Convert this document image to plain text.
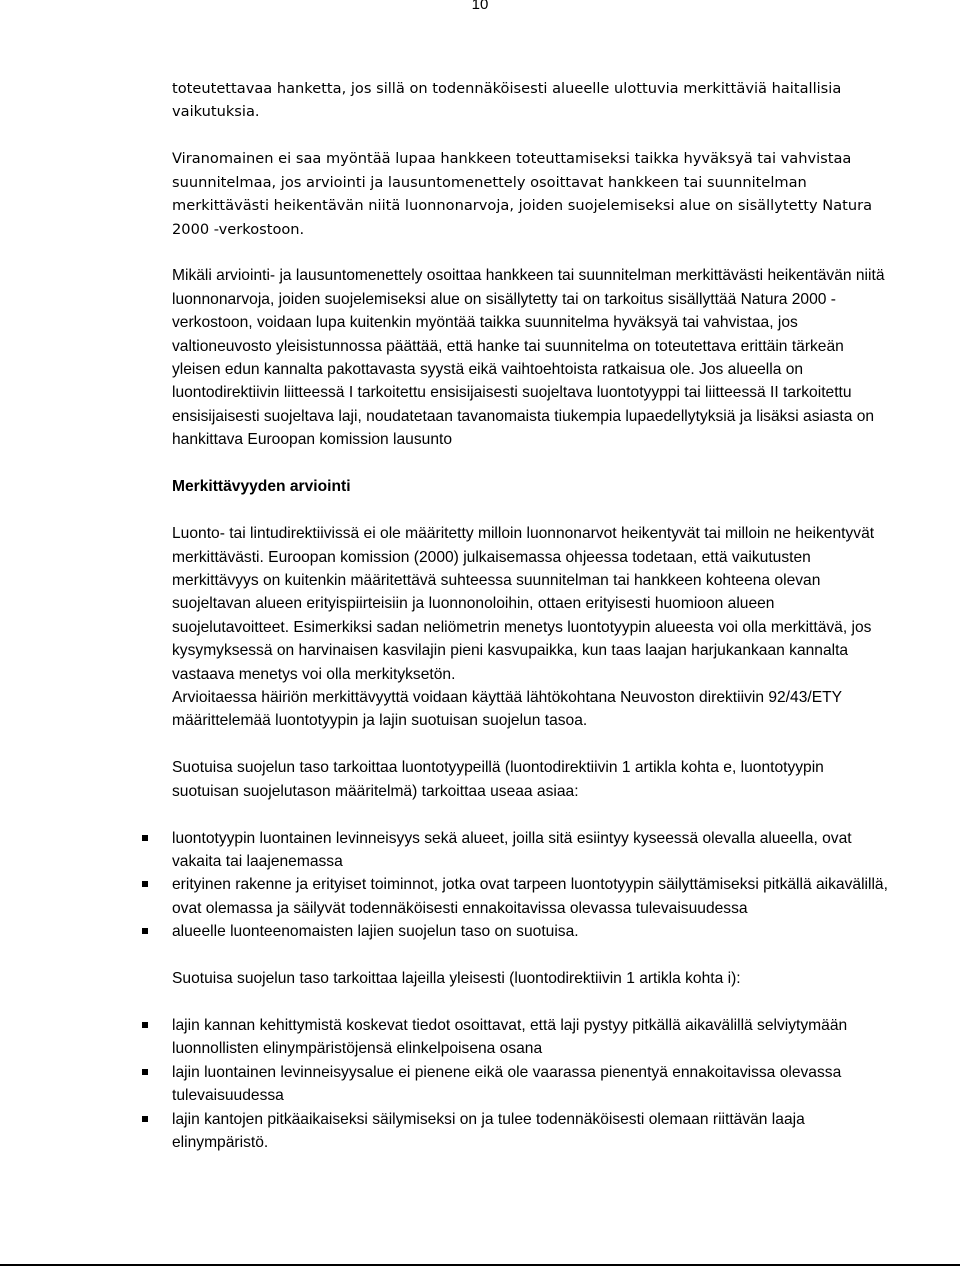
10

toteutettavaa hanketta, jos sillä on todennäköisesti alueelle ulottuvia merkittäviä haitallisia vaikutuksia.

Viranomainen ei saa myöntää lupaa hankkeen toteuttamiseksi taikka hyväksyä tai vahvistaa suunnitelmaa, jos arviointi ja lausuntomenettely osoittavat hankkeen tai suunnitelman merkittävästi heikentävän niitä luonnonarvoja, joiden suojelemiseksi alue on sisällytetty Natura 2000 -verkostoon.

Mikäli arviointi- ja lausuntomenettely osoittaa hankkeen tai suunnitelman merkittävästi heikentävän niitä luonnonarvoja, joiden suojelemiseksi alue on sisällytetty tai on tarkoitus sisällyttää Natura 2000 -verkostoon, voidaan lupa kuitenkin myöntää taikka suunnitelma hyväksyä tai vahvistaa, jos valtioneuvosto yleisistunnossa päättää, että hanke tai suunnitelma on toteutettava erittäin tärkeän yleisen edun kannalta pakottavasta syystä eikä vaihtoehtoista ratkaisua ole. Jos alueella on luontodirektiivin liitteessä I tarkoitettu ensisijaisesti suojeltava luontotyyppi tai liitteessä II tarkoitettu ensisijaisesti suojeltava laji, noudatetaan tavanomaista tiukempia lupaedellytyksiä ja lisäksi asiasta on hankittava Euroopan komission lausunto

Merkittävyyden arviointi

Luonto- tai lintudirektiivissä ei ole määritetty milloin luonnonarvot heikentyvät tai milloin ne heikentyvät merkittävästi. Euroopan komission (2000) julkaisemassa ohjeessa todetaan, että vaikutusten merkittävyys on kuitenkin määritettävä suhteessa suunnitelman tai hankkeen kohteena olevan suojeltavan alueen erityispiirteisiin ja luonnonoloihin, ottaen erityisesti huomioon alueen suojelutavoitteet. Esimerkiksi sadan neliömetrin menetys luontotyypin alueesta voi olla merkittävä, jos kysymyksessä on harvinaisen kasvilajin pieni kasvupaikka, kun taas laajan harjukankaan kannalta vastaava menetys voi olla merkityksetön.

Arvioitaessa häiriön merkittävyyttä voidaan käyttää lähtökohtana Neuvoston direktiivin 92/43/ETY määrittelemää luontotyypin ja lajin suotuisan suojelun tasoa.

Suotuisa suojelun taso tarkoittaa luontotyypeillä (luontodirektiivin 1 artikla kohta e, luontotyypin suotuisan suojelutason määritelmä) tarkoittaa useaa asiaa:

luontotyypin luontainen levinneisyys sekä alueet, joilla sitä esiintyy kyseessä olevalla alueella, ovat vakaita tai laajenemassa
erityinen rakenne ja erityiset toiminnot, jotka ovat tarpeen luontotyypin säilyttämiseksi pitkällä aikavälillä, ovat olemassa ja säilyvät todennäköisesti ennakoitavissa olevassa tulevaisuudessa
alueelle luonteenomaisten lajien suojelun taso on suotuisa.

Suotuisa suojelun taso tarkoittaa lajeilla yleisesti (luontodirektiivin 1 artikla kohta i):

lajin kannan kehittymistä koskevat tiedot osoittavat, että laji pystyy pitkällä aikavälillä selviytymään luonnollisten elinympäristöjensä elinkelpoisena osana
lajin luontainen levinneisyysalue ei pienene eikä ole vaarassa pienentyä ennakoitavissa olevassa tulevaisuudessa
lajin kantojen pitkäaikaiseksi säilymiseksi on ja tulee todennäköisesti olemaan riittävän laaja elinympäristö.
